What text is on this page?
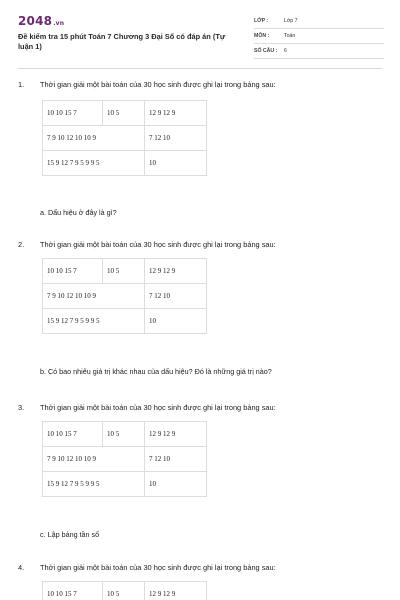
2048.vn
Đề kiểm tra 15 phút Toán 7 Chương 3 Đại Số có đáp án (Tự luận 1)
LỚP :	Lớp 7
MÔN :	Toán
SỐ CÂU : 6
1. Thời gian giải một bài toán của 30 học sinh được ghi lại trong bảng sau:
10 10 15 7	10 5	12 9 12 9
7 9 10 12 10 10 9		7 12 10
15 9 12 7 9 5 9 9 5		10
a. Dấu hiệu ở đây là gì?
2. Thời gian giải một bài toán của 30 học sinh được ghi lại trong bảng sau:
10 10 15 7	10 5	12 9 12 9
7 9 10 12 10 10 9		7 12 10
15 9 12 7 9 5 9 9 5		10
b. Có bao nhiêu giá trị khác nhau của dấu hiệu? Đó là những giá trị nào?
3. Thời gian giải một bài toán của 30 học sinh được ghi lại trong bảng sau:
10 10 15 7	10 5	12 9 12 9
7 9 10 12 10 10 9		7 12 10
15 9 12 7 9 5 9 9 5		10
c. Lập bảng tần số
4. Thời gian giải một bài toán của 30 học sinh được ghi lại trong bảng sau:
10 10 15 7	10 5	12 9 12 9
